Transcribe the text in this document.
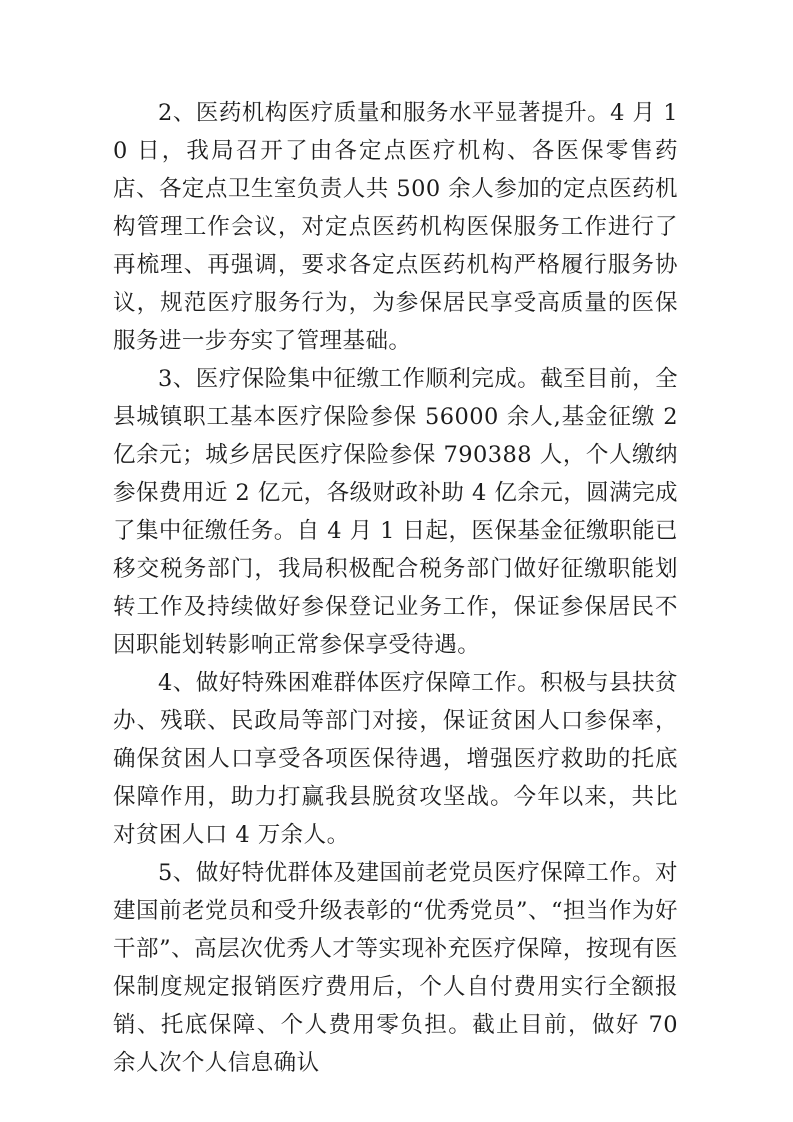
2、医药机构医疗质量和服务水平显著提升。4 月 10 日，我局召开了由各定点医疗机构、各医保零售药店、各定点卫生室负责人共 500 余人参加的定点医药机构管理工作会议，对定点医药机构医保服务工作进行了再梳理、再强调，要求各定点医药机构严格履行服务协议，规范医疗服务行为，为参保居民享受高质量的医保服务进一步夯实了管理基础。

3、医疗保险集中征缴工作顺利完成。截至目前，全县城镇职工基本医疗保险参保 56000 余人,基金征缴 2 亿余元；城乡居民医疗保险参保 790388 人，个人缴纳参保费用近 2 亿元，各级财政补助 4 亿余元，圆满完成了集中征缴任务。自 4 月 1 日起，医保基金征缴职能已移交税务部门，我局积极配合税务部门做好征缴职能划转工作及持续做好参保登记业务工作，保证参保居民不因职能划转影响正常参保享受待遇。

4、做好特殊困难群体医疗保障工作。积极与县扶贫办、残联、民政局等部门对接，保证贫困人口参保率，确保贫困人口享受各项医保待遇，增强医疗救助的托底保障作用，助力打赢我县脱贫攻坚战。今年以来，共比对贫困人口 4 万余人。

5、做好特优群体及建国前老党员医疗保障工作。对建国前老党员和受升级表彰的“优秀党员”、“担当作为好干部”、高层次优秀人才等实现补充医疗保障，按现有医保制度规定报销医疗费用后，个人自付费用实行全额报销、托底保障、个人费用零负担。截止目前，做好 70 余人次个人信息确认
